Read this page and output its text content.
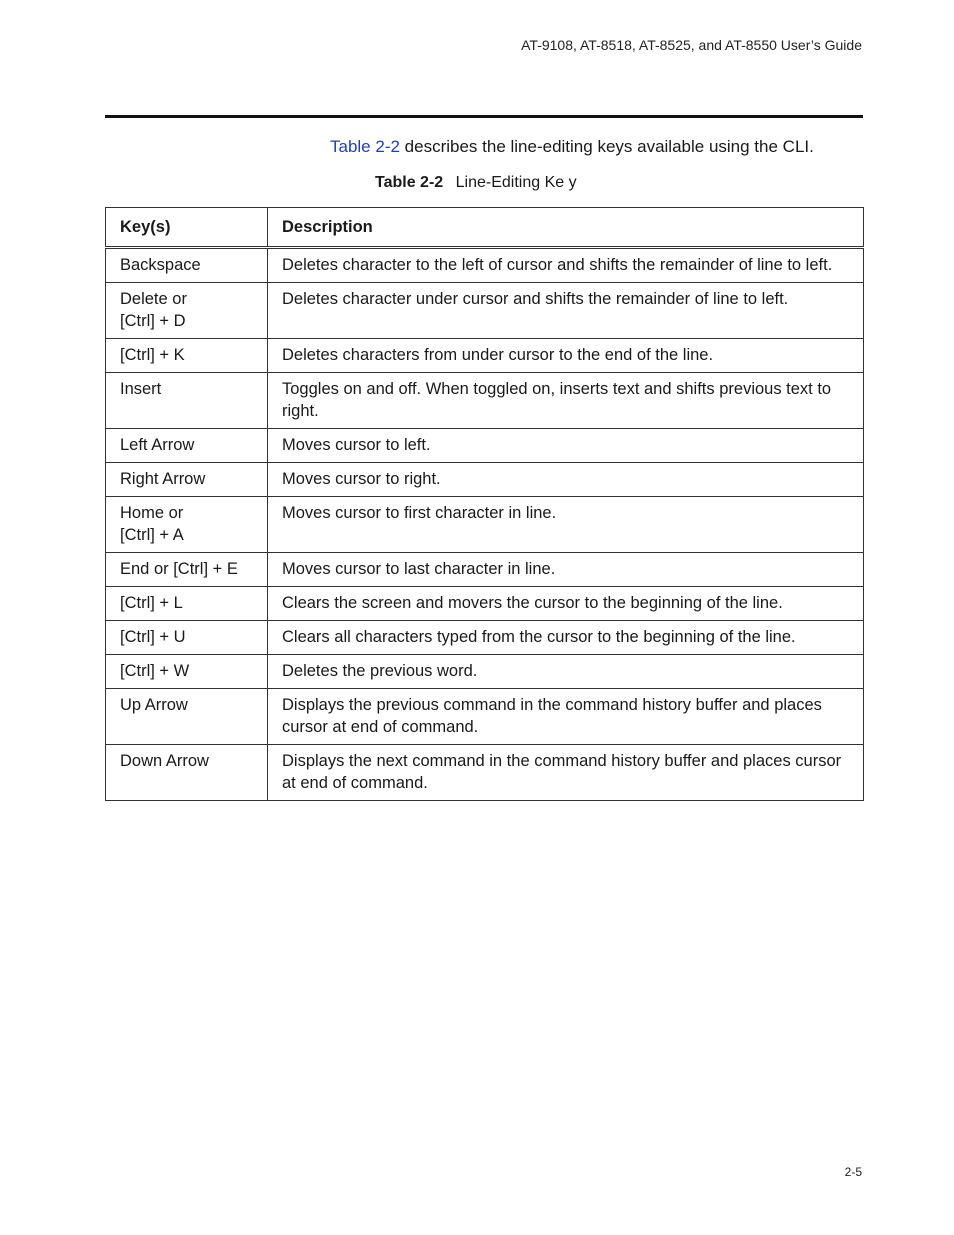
AT-9108, AT-8518, AT-8525, and AT-8550 User’s Guide
Table 2-2 describes the line-editing keys available using the CLI.
Table 2-2 Line-Editing Ke y
Key(s)	Description

Backspace	Deletes character to the left of cursor and shifts the remainder of line to left.

Delete or
[Ctrl] + D	Deletes character under cursor and shifts the remainder of line to left.

[Ctrl] + K	Deletes characters from under cursor to the end of the line.

Insert	Toggles on and off. When toggled on, inserts text and shifts previous text to right.

Left Arrow	Moves cursor to left.

Right Arrow	Moves cursor to right.

Home or
[Ctrl] + A	Moves cursor to first character in line.

End or [Ctrl] + E	Moves cursor to last character in line.

[Ctrl] + L	Clears the screen and movers the cursor to the beginning of the line.

[Ctrl] + U	Clears all characters typed from the cursor to the beginning of the line.

[Ctrl] + W	Deletes the previous word.

Up Arrow	Displays the previous command in the command history buffer and places cursor at end of command.

Down Arrow	Displays the next command in the command history buffer and places cursor at end of command.
2-5
